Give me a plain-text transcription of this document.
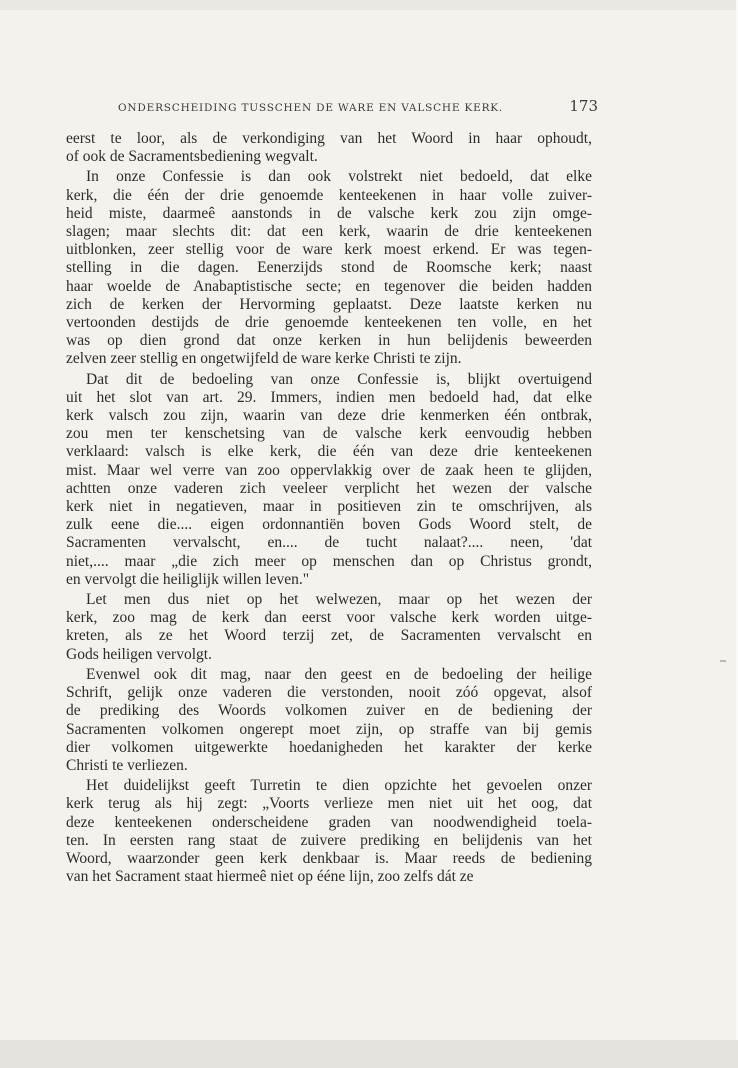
ONDERSCHEIDING TUSSCHEN DE WARE EN VALSCHE KERK.	173
eerst te loor, als de verkondiging van het Woord in haar ophoudt,
of ook de Sacramentsbediening wegvalt.
In onze Confessie is dan ook volstrekt niet bedoeld, dat elke
kerk, die één der drie genoemde kenteekenen in haar volle zuiver-
heid miste, daarmeê aanstonds in de valsche kerk zou zijn omge-
slagen; maar slechts dit: dat een kerk, waarin de drie kenteekenen
uitblonken, zeer stellig voor de ware kerk moest erkend. Er was tegen-
stelling in die dagen. Eenerzijds stond de Roomsche kerk; naast
haar woelde de Anabaptistische secte; en tegenover die beiden hadden
zich de kerken der Hervorming geplaatst. Deze laatste kerken nu
vertoonden destijds de drie genoemde kenteekenen ten volle, en het
was op dien grond dat onze kerken in hun belijdenis beweerden
zelven zeer stellig en ongetwijfeld de ware kerke Christi te zijn.
Dat dit de bedoeling van onze Confessie is, blijkt overtuigend
uit het slot van art. 29. Immers, indien men bedoeld had, dat elke
kerk valsch zou zijn, waarin van deze drie kenmerken één ontbrak,
zou men ter kenschetsing van de valsche kerk eenvoudig hebben
verklaard: valsch is elke kerk, die één van deze drie kenteekenen
mist. Maar wel verre van zoo oppervlakkig over de zaak heen te glijden,
achtten onze vaderen zich veeleer verplicht het wezen der valsche
kerk niet in negatieven, maar in positieven zin te omschrijven, als
zulk eene die.... eigen ordonnantiën boven Gods Woord stelt, de
Sacramenten vervalscht, en.... de tucht nalaat?.... neen, 'dat
niet,.... maar „die zich meer op menschen dan op Christus grondt,
en vervolgt die heiliglijk willen leven."
Let men dus niet op het welwezen, maar op het wezen der
kerk, zoo mag de kerk dan eerst voor valsche kerk worden uitge-
kreten, als ze het Woord terzij zet, de Sacramenten vervalscht en
Gods heiligen vervolgt.
Evenwel ook dit mag, naar den geest en de bedoeling der heilige
Schrift, gelijk onze vaderen die verstonden, nooit zóó opgevat, alsof
de prediking des Woords volkomen zuiver en de bediening der
Sacramenten volkomen ongerept moet zijn, op straffe van bij gemis
dier volkomen uitgewerkte hoedanigheden het karakter der kerke
Christi te verliezen.
Het duidelijkst geeft Turretin te dien opzichte het gevoelen onzer
kerk terug als hij zegt: „Voorts verlieze men niet uit het oog, dat
deze kenteekenen onderscheidene graden van noodwendigheid toela-
ten. In eersten rang staat de zuivere prediking en belijdenis van het
Woord, waarzonder geen kerk denkbaar is. Maar reeds de bediening
van het Sacrament staat hiermeê niet op ééne lijn, zoo zelfs dát ze
